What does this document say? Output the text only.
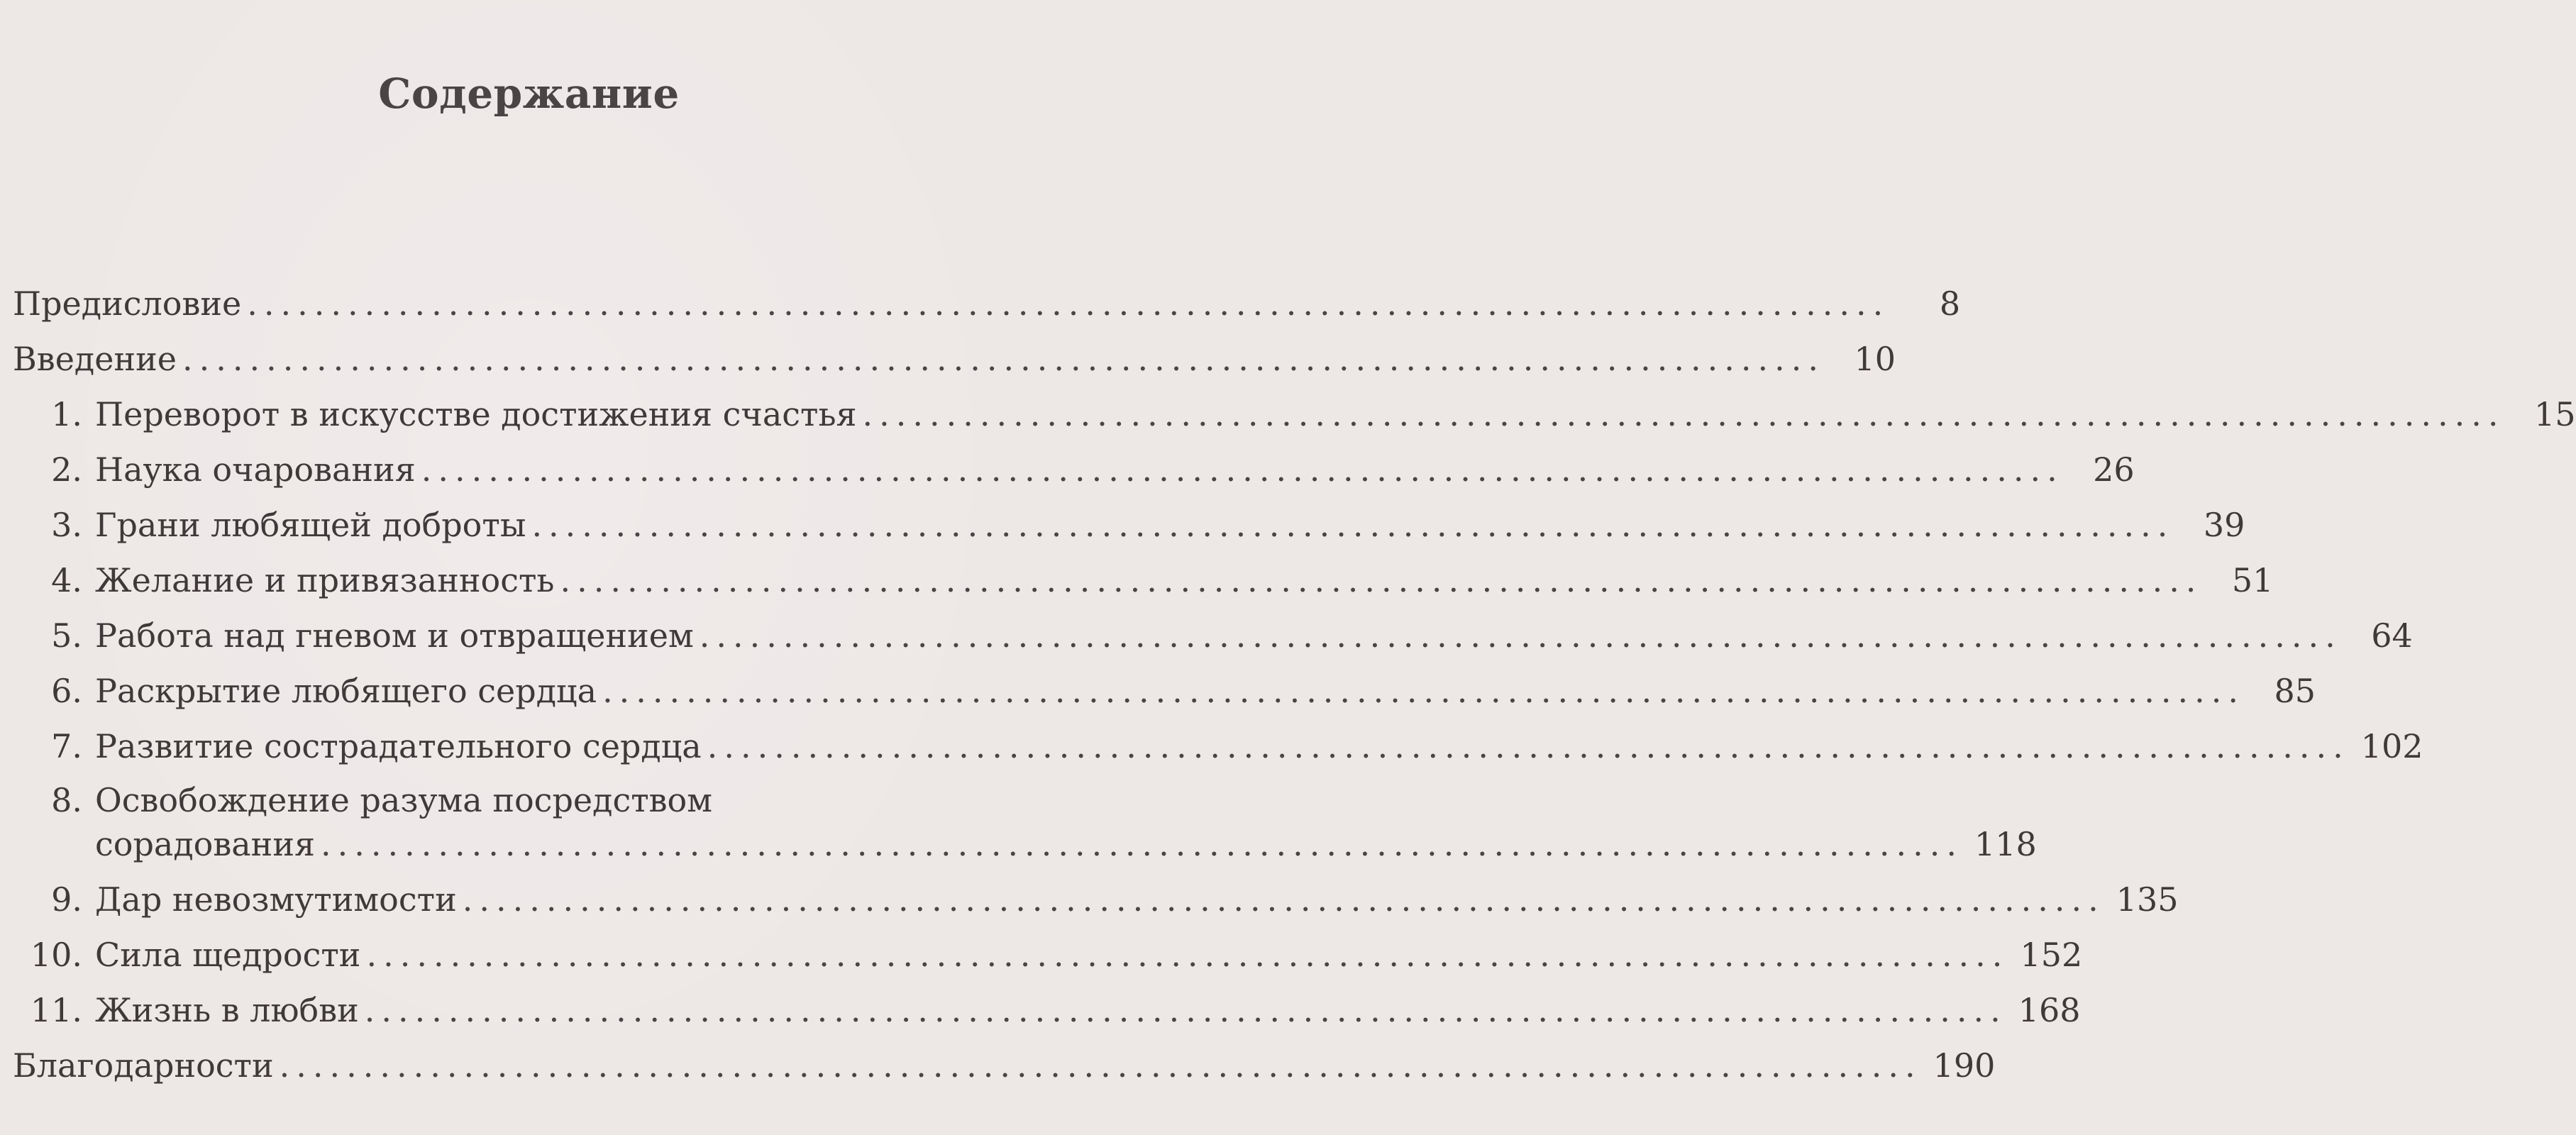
Содержание
Предисловие ..................................................................................................	8
Введение .................................................................................................. 10
1. Переворот в искусстве достижения счастья .................................................................................................. 15
2. Наука очарования .................................................................................................. 26
3. Грани любящей доброты .................................................................................................. 39
4. Желание и привязанность .................................................................................................. 51
5. Работа над гневом и отвращением .................................................................................................. 64
6. Раскрытие любящего сердца .................................................................................................. 85
7. Развитие сострадательного сердца .................................................................................................. 102
8. Освобождение разума посредством
сорадования .................................................................................................. 118
9. Дар невозмутимости .................................................................................................. 135
10. Сила щедрости .................................................................................................. 152
11. Жизнь в любви .................................................................................................. 168
Благодарности .................................................................................................. 190
